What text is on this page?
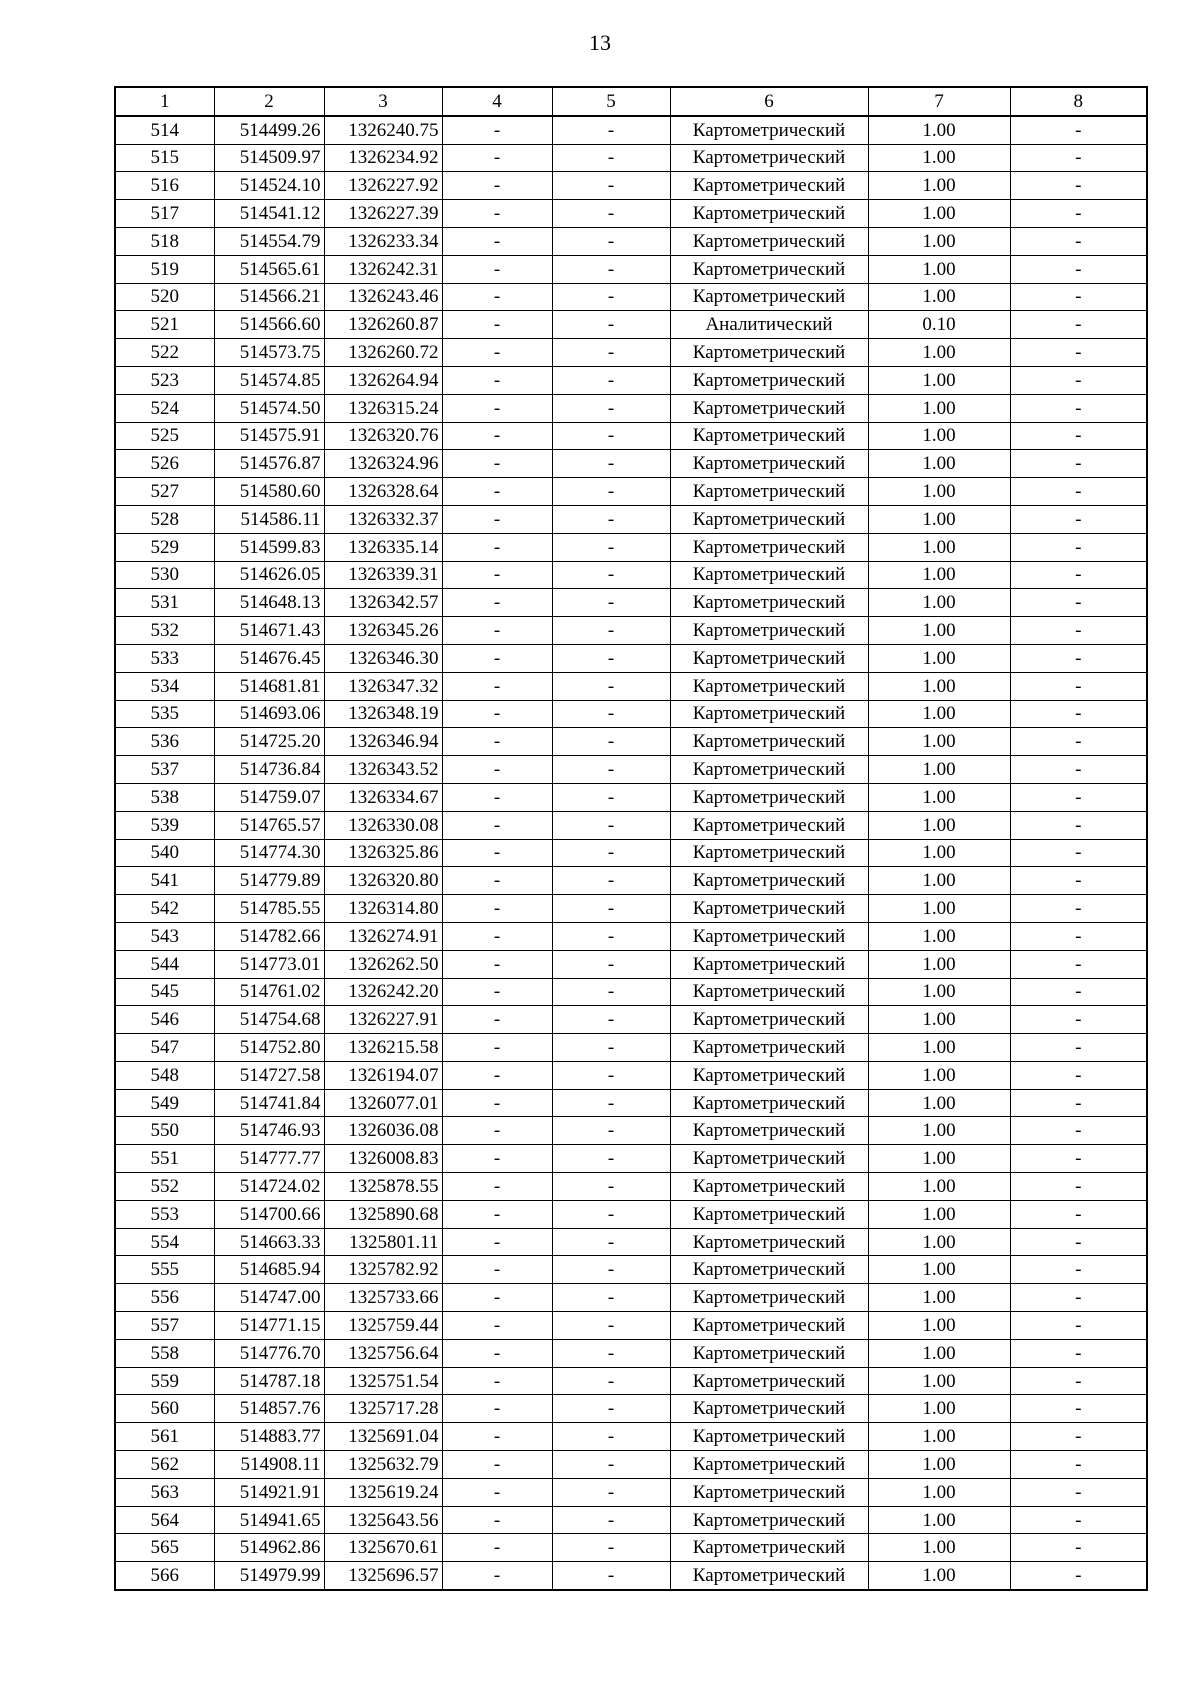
13
1	2	3	4	5	6	7	8
514	514499.26	1326240.75	-	-	Картометрический	1.00	-
515	514509.97	1326234.92	-	-	Картометрический	1.00	-
516	514524.10	1326227.92	-	-	Картометрический	1.00	-
517	514541.12	1326227.39	-	-	Картометрический	1.00	-
518	514554.79	1326233.34	-	-	Картометрический	1.00	-
519	514565.61	1326242.31	-	-	Картометрический	1.00	-
520	514566.21	1326243.46	-	-	Картометрический	1.00	-
521	514566.60	1326260.87	-	-	Аналитический	0.10	-
522	514573.75	1326260.72	-	-	Картометрический	1.00	-
523	514574.85	1326264.94	-	-	Картометрический	1.00	-
524	514574.50	1326315.24	-	-	Картометрический	1.00	-
525	514575.91	1326320.76	-	-	Картометрический	1.00	-
526	514576.87	1326324.96	-	-	Картометрический	1.00	-
527	514580.60	1326328.64	-	-	Картометрический	1.00	-
528	514586.11	1326332.37	-	-	Картометрический	1.00	-
529	514599.83	1326335.14	-	-	Картометрический	1.00	-
530	514626.05	1326339.31	-	-	Картометрический	1.00	-
531	514648.13	1326342.57	-	-	Картометрический	1.00	-
532	514671.43	1326345.26	-	-	Картометрический	1.00	-
533	514676.45	1326346.30	-	-	Картометрический	1.00	-
534	514681.81	1326347.32	-	-	Картометрический	1.00	-
535	514693.06	1326348.19	-	-	Картометрический	1.00	-
536	514725.20	1326346.94	-	-	Картометрический	1.00	-
537	514736.84	1326343.52	-	-	Картометрический	1.00	-
538	514759.07	1326334.67	-	-	Картометрический	1.00	-
539	514765.57	1326330.08	-	-	Картометрический	1.00	-
540	514774.30	1326325.86	-	-	Картометрический	1.00	-
541	514779.89	1326320.80	-	-	Картометрический	1.00	-
542	514785.55	1326314.80	-	-	Картометрический	1.00	-
543	514782.66	1326274.91	-	-	Картометрический	1.00	-
544	514773.01	1326262.50	-	-	Картометрический	1.00	-
545	514761.02	1326242.20	-	-	Картометрический	1.00	-
546	514754.68	1326227.91	-	-	Картометрический	1.00	-
547	514752.80	1326215.58	-	-	Картометрический	1.00	-
548	514727.58	1326194.07	-	-	Картометрический	1.00	-
549	514741.84	1326077.01	-	-	Картометрический	1.00	-
550	514746.93	1326036.08	-	-	Картометрический	1.00	-
551	514777.77	1326008.83	-	-	Картометрический	1.00	-
552	514724.02	1325878.55	-	-	Картометрический	1.00	-
553	514700.66	1325890.68	-	-	Картометрический	1.00	-
554	514663.33	1325801.11	-	-	Картометрический	1.00	-
555	514685.94	1325782.92	-	-	Картометрический	1.00	-
556	514747.00	1325733.66	-	-	Картометрический	1.00	-
557	514771.15	1325759.44	-	-	Картометрический	1.00	-
558	514776.70	1325756.64	-	-	Картометрический	1.00	-
559	514787.18	1325751.54	-	-	Картометрический	1.00	-
560	514857.76	1325717.28	-	-	Картометрический	1.00	-
561	514883.77	1325691.04	-	-	Картометрический	1.00	-
562	514908.11	1325632.79	-	-	Картометрический	1.00	-
563	514921.91	1325619.24	-	-	Картометрический	1.00	-
564	514941.65	1325643.56	-	-	Картометрический	1.00	-
565	514962.86	1325670.61	-	-	Картометрический	1.00	-
566	514979.99	1325696.57	-	-	Картометрический	1.00	-
